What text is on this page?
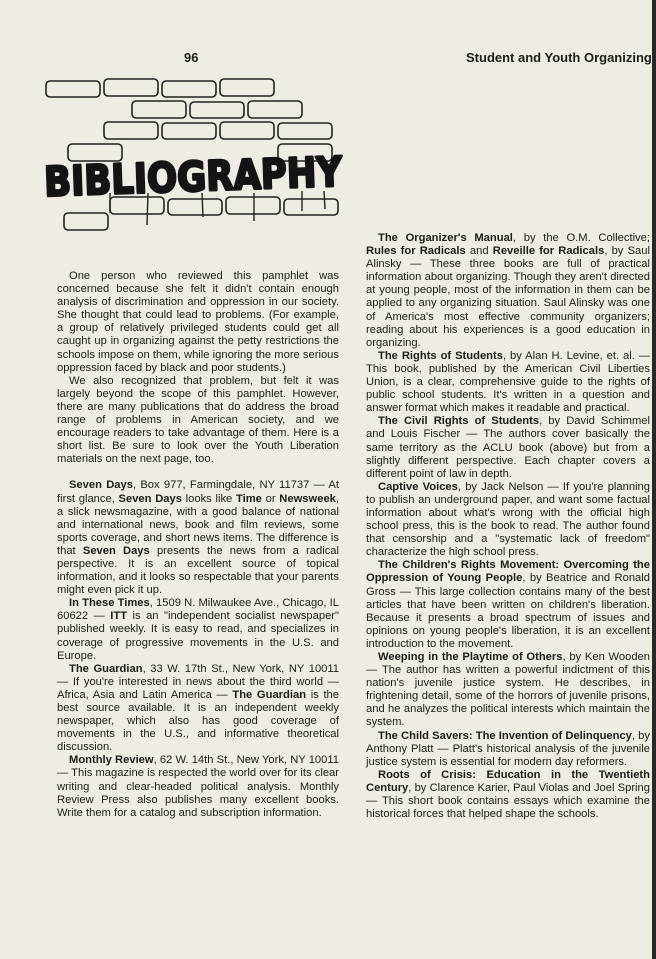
96	Student and Youth Organizing
BIBLIOGRAPHY

One person who reviewed this pamphlet was concerned because she felt it didn't contain enough analysis of discrimination and oppression in our society. She thought that could lead to problems. (For example, a group of relatively privileged students could get all caught up in organizing against the petty restrictions the schools impose on them, while ignoring the more serious oppression faced by black and poor students.)

We also recognized that problem, but felt it was largely beyond the scope of this pamphlet. However, there are many publications that do address the broad range of problems in American society, and we encourage readers to take advantage of them. Here is a short list. Be sure to look over the Youth Liberation materials on the next page, too.

Seven Days, Box 977, Farmingdale, NY 11737 — At first glance, Seven Days looks like Time or Newsweek, a slick newsmagazine, with a good balance of national and international news, book and film reviews, some sports coverage, and short news items. The difference is that Seven Days presents the news from a radical perspective. It is an excellent source of topical information, and it looks so respectable that your parents might even pick it up.

In These Times, 1509 N. Milwaukee Ave., Chicago, IL 60622 — ITT is an "independent socialist newspaper" published weekly. It is easy to read, and specializes in coverage of progressive movements in the U.S. and Europe.

The Guardian, 33 W. 17th St., New York, NY 10011 — If you're interested in news about the third world — Africa, Asia and Latin America — The Guardian is the best source available. It is an independent weekly newspaper, which also has good coverage of movements in the U.S., and informative theoretical discussion.

Monthly Review, 62 W. 14th St., New York, NY 10011 — This magazine is respected the world over for its clear writing and clear-headed political analysis. Monthly Review Press also publishes many excellent books. Write them for a catalog and subscription information.

The Organizer's Manual, by the O.M. Collective; Rules for Radicals and Reveille for Radicals, by Saul Alinsky — These three books are full of practical information about organizing. Though they aren't directed at young people, most of the information in them can be applied to any organizing situation. Saul Alinsky was one of America's most effective community organizers; reading about his experiences is a good education in organizing.

The Rights of Students, by Alan H. Levine, et. al. — This book, published by the American Civil Liberties Union, is a clear, comprehensive guide to the rights of public school students. It's written in a question and answer format which makes it readable and practical.

The Civil Rights of Students, by David Schimmel and Louis Fischer — The authors cover basically the same territory as the ACLU book (above) but from a slightly different perspective. Each chapter covers a different point of law in depth.

Captive Voices, by Jack Nelson — If you're planning to publish an underground paper, and want some factual information about what's wrong with the official high school press, this is the book to read. The author found that censorship and a "systematic lack of freedom" characterize the high school press.

The Children's Rights Movement: Overcoming the Oppression of Young People, by Beatrice and Ronald Gross — This large collection contains many of the best articles that have been written on children's liberation. Because it presents a broad spectrum of issues and opinions on young people's liberation, it is an excellent introduction to the movement.

Weeping in the Playtime of Others, by Ken Wooden — The author has written a powerful indictment of this nation's juvenile justice system. He describes, in frightening detail, some of the horrors of juvenile prisons, and he analyzes the political interests which maintain the system.

The Child Savers: The Invention of Delinquency, by Anthony Platt — Platt's historical analysis of the juvenile justice system is essential for modern day reformers.

Roots of Crisis: Education in the Twentieth Century, by Clarence Karier, Paul Violas and Joel Spring — This short book contains essays which examine the historical forces that helped shape the schools.
